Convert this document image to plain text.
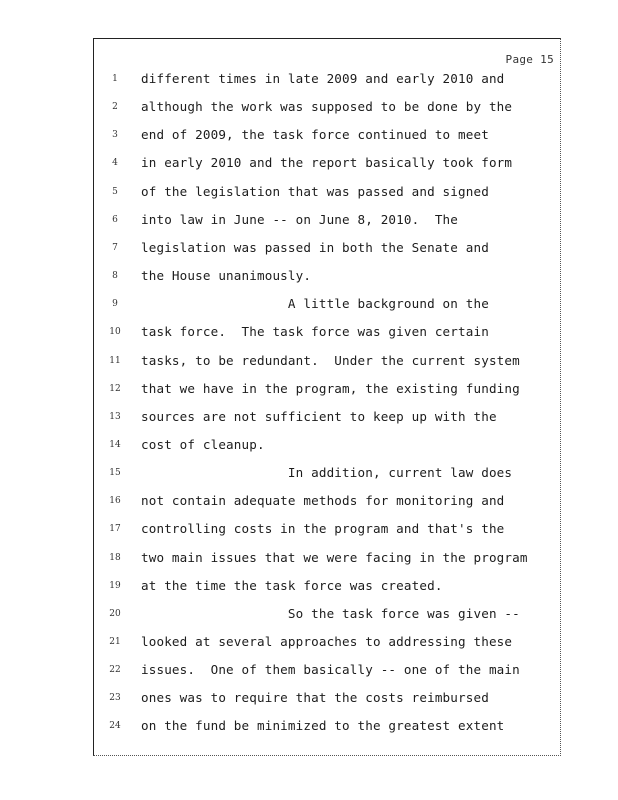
Page 15
1	different times in late 2009 and early 2010 and
2	although the work was supposed to be done by the
3	end of 2009, the task force continued to meet
4	in early 2010 and the report basically took form
5	of the legislation that was passed and signed
6	into law in June -- on June 8, 2010.  The
7	legislation was passed in both the Senate and
8	the House unanimously.
9	A little background on the
10	task force.  The task force was given certain
11	tasks, to be redundant.  Under the current system
12	that we have in the program, the existing funding
13	sources are not sufficient to keep up with the
14	cost of cleanup.
15	In addition, current law does
16	not contain adequate methods for monitoring and
17	controlling costs in the program and that's the
18	two main issues that we were facing in the program
19	at the time the task force was created.
20	So the task force was given --
21	looked at several approaches to addressing these
22	issues.  One of them basically -- one of the main
23	ones was to require that the costs reimbursed
24	on the fund be minimized to the greatest extent
